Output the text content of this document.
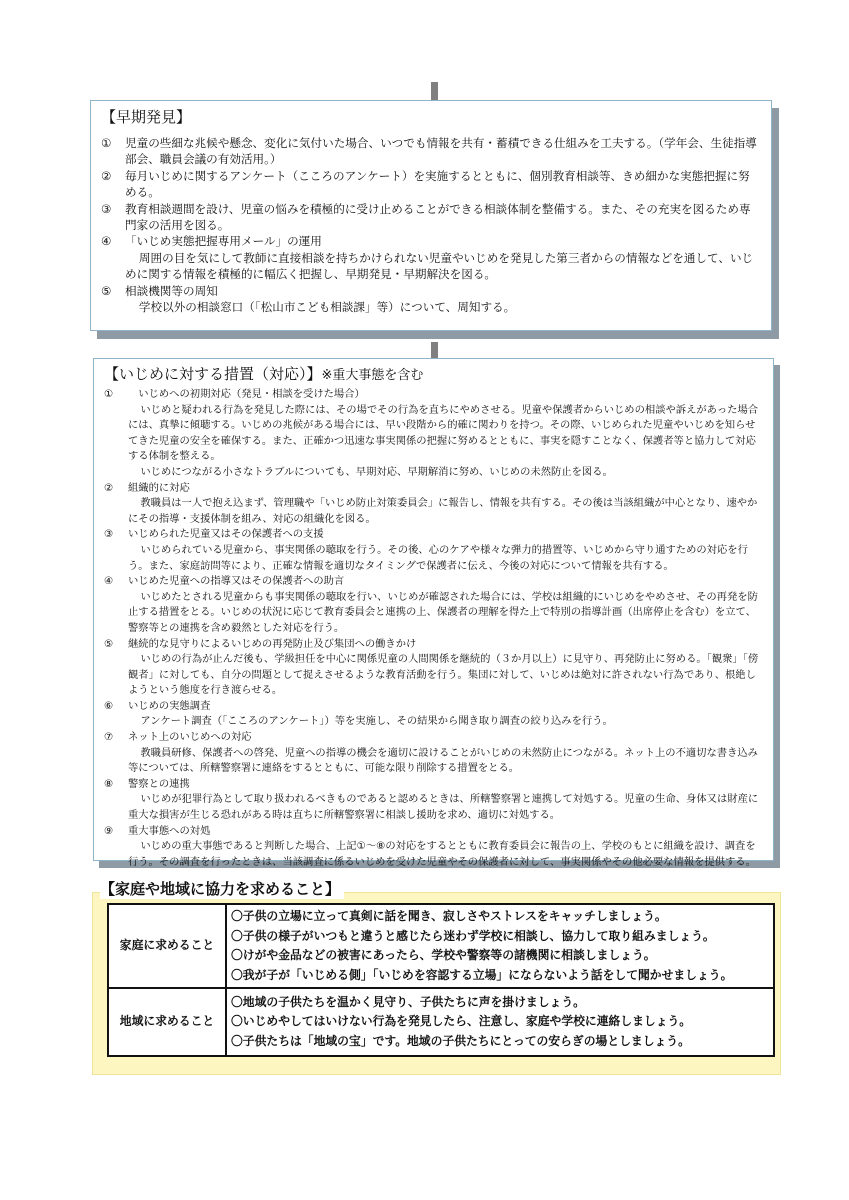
【早期発見】
①	児童の些細な兆候や懸念、変化に気付いた場合、いつでも情報を共有・蓄積できる仕組みを工夫する。（学年会、生徒指導部会、職員会議の有効活用。）

②	毎月いじめに関するアンケート（こころのアンケート）を実施するとともに、個別教育相談等、きめ細かな実態把握に努める。

③	教育相談週間を設け、児童の悩みを積極的に受け止めることができる相談体制を整備する。また、その充実を図るため専門家の活用を図る。

④	「いじめ実態把握専用メール」の運用

周囲の目を気にして教師に直接相談を持ちかけられない児童やいじめを発見した第三者からの情報などを通して、いじめに関する情報を積極的に幅広く把握し、早期発見・早期解決を図る。

⑤	相談機関等の周知

学校以外の相談窓口（「松山市こども相談課」等）について、周知する。

【いじめに対する措置（対応）】※重大事態を含む
①	　いじめへの初期対応（発見・相談を受けた場合）

いじめと疑われる行為を発見した際には、その場でその行為を直ちにやめさせる。児童や保護者からいじめの相談や訴えがあった場合には、真摯に傾聴する。いじめの兆候がある場合には、早い段階から的確に関わりを持つ。その際、いじめられた児童やいじめを知らせてきた児童の安全を確保する。また、正確かつ迅速な事実関係の把握に努めるとともに、事実を隠すことなく、保護者等と協力して対応する体制を整える。

いじめにつながる小さなトラブルについても、早期対応、早期解消に努め、いじめの未然防止を図る。

②	組織的に対応

教職員は一人で抱え込まず、管理職や「いじめ防止対策委員会」に報告し、情報を共有する。その後は当該組織が中心となり、速やかにその指導・支援体制を組み、対応の組織化を図る。

③	いじめられた児童又はその保護者への支援

いじめられている児童から、事実関係の聴取を行う。その後、心のケアや様々な弾力的措置等、いじめから守り通すための対応を行う。また、家庭訪問等により、正確な情報を適切なタイミングで保護者に伝え、今後の対応について情報を共有する。

④	いじめた児童への指導又はその保護者への助言

いじめたとされる児童からも事実関係の聴取を行い、いじめが確認された場合には、学校は組織的にいじめをやめさせ、その再発を防止する措置をとる。いじめの状況に応じて教育委員会と連携の上、保護者の理解を得た上で特別の指導計画（出席停止を含む）を立て、警察等との連携を含め毅然とした対応を行う。

⑤	継続的な見守りによるいじめの再発防止及び集団への働きかけ

いじめの行為が止んだ後も、学級担任を中心に関係児童の人間関係を継続的（３か月以上）に見守り、再発防止に努める。「観衆」「傍観者」に対しても、自分の問題として捉えさせるような教育活動を行う。集団に対して、いじめは絶対に許されない行為であり、根絶しようという態度を行き渡らせる。

⑥	いじめの実態調査

アンケート調査（「こころのアンケート」）等を実施し、その結果から聞き取り調査の絞り込みを行う。

⑦	ネット上のいじめへの対応

教職員研修、保護者への啓発、児童への指導の機会を適切に設けることがいじめの未然防止につながる。ネット上の不適切な書き込み等については、所轄警察署に連絡をするとともに、可能な限り削除する措置をとる。

⑧	警察との連携

いじめが犯罪行為として取り扱われるべきものであると認めるときは、所轄警察署と連携して対処する。児童の生命、身体又は財産に重大な損害が生じる恐れがある時は直ちに所轄警察署に相談し援助を求め、適切に対処する。

⑨	重大事態への対処

いじめの重大事態であると判断した場合、上記①～⑧の対応をするとともに教育委員会に報告の上、学校のもとに組織を設け、調査を行う。その調査を行ったときは、当該調査に係るいじめを受けた児童やその保護者に対して、事実関係やその他必要な情報を提供する。

【家庭や地域に協力を求めること】
家庭に求めること	〇子供の立場に立って真剣に話を聞き、寂しさやストレスをキャッチしましょう。
〇子供の様子がいつもと違うと感じたら迷わず学校に相談し、協力して取り組みましょう。
〇けがや金品などの被害にあったら、学校や警察等の諸機関に相談しましょう。
〇我が子が「いじめる側」「いじめを容認する立場」にならないよう話をして聞かせましょう。

地域に求めること	〇地域の子供たちを温かく見守り、子供たちに声を掛けましょう。
〇いじめやしてはいけない行為を発見したら、注意し、家庭や学校に連絡しましょう。
〇子供たちは「地域の宝」です。地域の子供たちにとっての安らぎの場としましょう。
